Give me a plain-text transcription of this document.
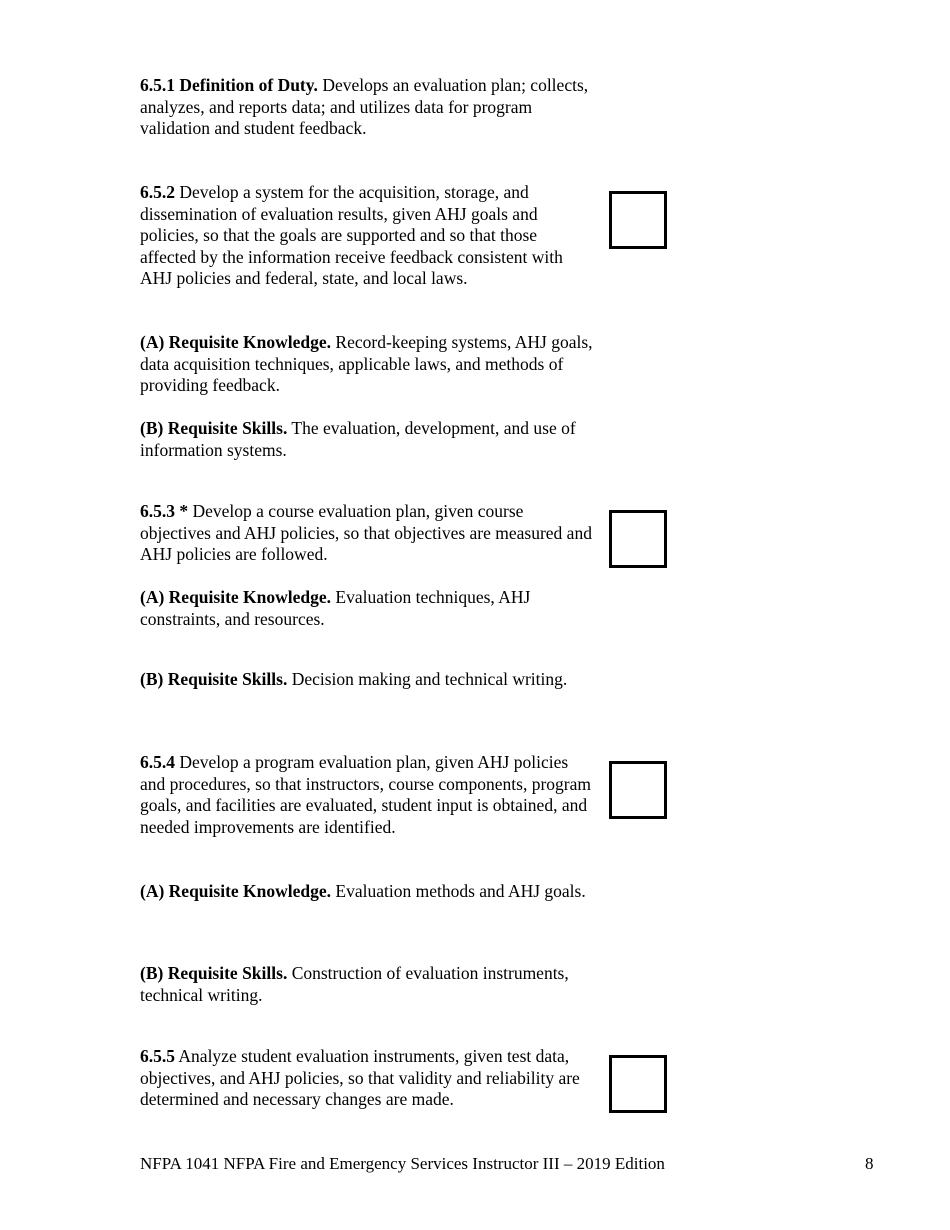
6.5.1 Definition of Duty. Develops an evaluation plan; collects, analyzes, and reports data; and utilizes data for program validation and student feedback.

6.5.2 Develop a system for the acquisition, storage, and dissemination of evaluation results, given AHJ goals and policies, so that the goals are supported and so that those affected by the information receive feedback consistent with AHJ policies and federal, state, and local laws.

(A) Requisite Knowledge. Record-keeping systems, AHJ goals, data acquisition techniques, applicable laws, and methods of providing feedback.

(B) Requisite Skills. The evaluation, development, and use of information systems.

6.5.3 * Develop a course evaluation plan, given course objectives and AHJ policies, so that objectives are measured and AHJ policies are followed.

(A) Requisite Knowledge. Evaluation techniques, AHJ constraints, and resources.

(B) Requisite Skills. Decision making and technical writing.

6.5.4 Develop a program evaluation plan, given AHJ policies and procedures, so that instructors, course components, program goals, and facilities are evaluated, student input is obtained, and needed improvements are identified.

(A) Requisite Knowledge. Evaluation methods and AHJ goals.

(B) Requisite Skills. Construction of evaluation instruments, technical writing.

6.5.5 Analyze student evaluation instruments, given test data, objectives, and AHJ policies, so that validity and reliability are determined and necessary changes are made.

NFPA 1041 NFPA Fire and Emergency Services Instructor III – 2019 Edition	8
